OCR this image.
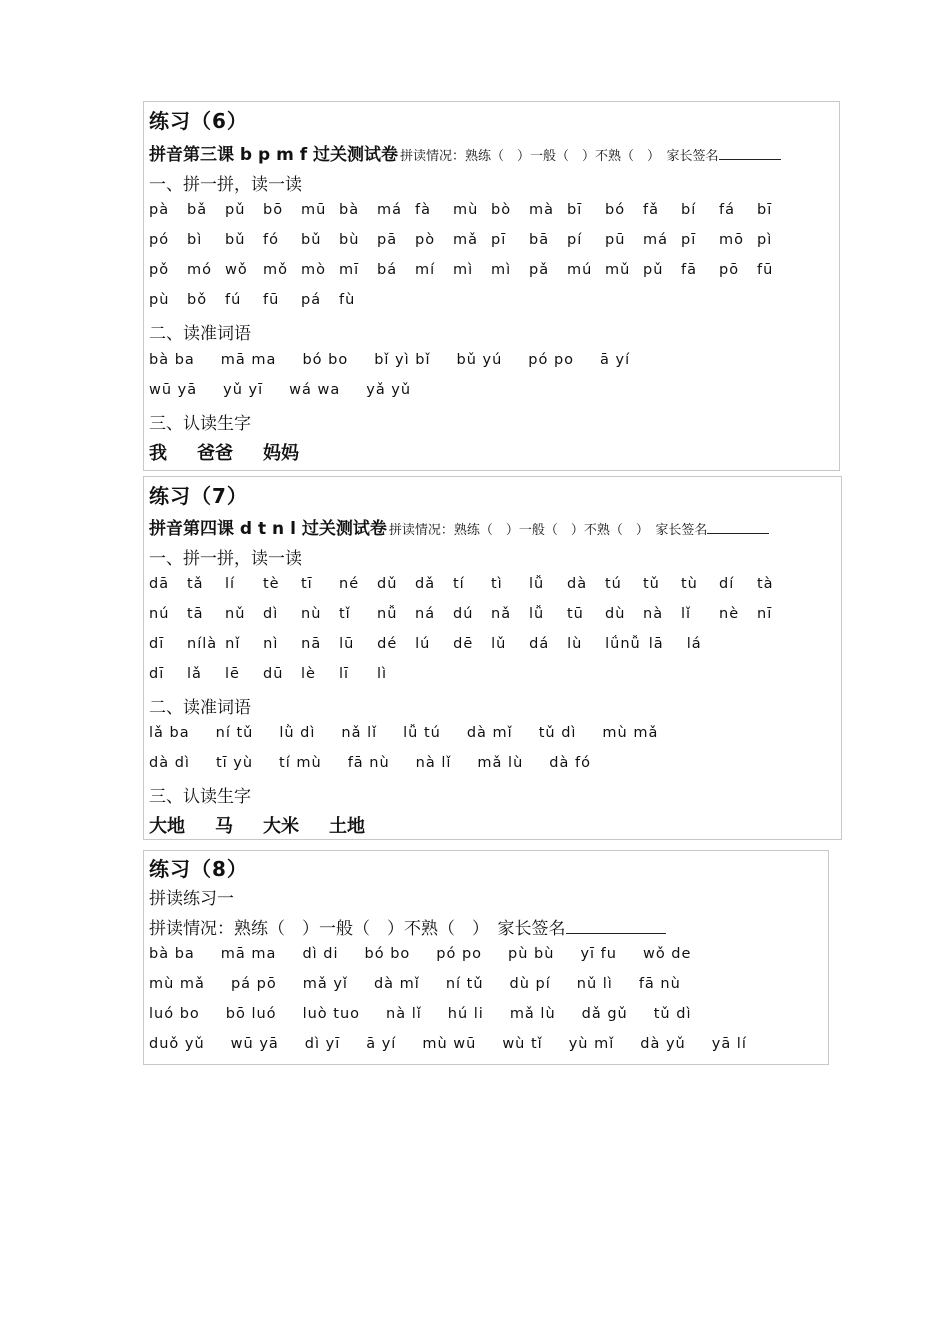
练习（6）
拼音第三课 b p m f 过关测试卷 拼读情况：熟练（　）一般（　）不熟（　）　家长签名
一、拼一拼，读一读
pà bǎ pǔ bō mū bà má fà mù bò mà bī bó fǎ bí fá bī
pó bì bǔ fó bǔ bù pā pò mǎ pī bā pí pū má pī mō pì
pǒ mó wǒ mǒ mò mī bá mí mì mì pǎ mú mǔ pǔ fā pō fū
pù bǒ fú fū pá fù
二、读准词语
bà ba mā ma bó bo bǐ yì bǐ bǔ yú pó po ā yí
wū yā yǔ yī wá wa yǎ yǔ
三、认读生字
我 爸爸 妈妈
练习（7）
拼音第四课 d t n l 过关测试卷 拼读情况：熟练（　）一般（　）不熟（　）　家长签名
一、拼一拼，读一读
dā tǎ lí tè tī né dǔ dǎ tí tì lǚ dà tú tǔ tù dí tà
nú tā nǔ dì nù tǐ nǚ ná dú nǎ lǚ tū dù nà lǐ nè nī
dī nílà nǐ nì nā lū dé lú dē lǔ dá lù lǘnǚ lā lá
dī lǎ lē dū lè lī lì
二、读准词语
lǎ ba ní tǔ lǜ dì nǎ lǐ lǚ tú dà mǐ tǔ dì mù mǎ
dà dì tī yù tí mù fā nù nà lǐ mǎ lù dà fó
三、认读生字
大地 马 大米 土地
练习（8）
拼读练习一
拼读情况：熟练（　）一般（　）不熟（　）　家长签名
bà ba mā ma dì di bó bo pó po pù bù yī fu wǒ de
mù mǎ pá pō mǎ yǐ dà mǐ ní tǔ dù pí nǔ lì fā nù
luó bo bō luó luò tuo nà lǐ hú li mǎ lù dǎ gǔ tǔ dì
duǒ yǔ wū yā dì yī ā yí mù wū wù tǐ yù mǐ dà yǔ yā lí
